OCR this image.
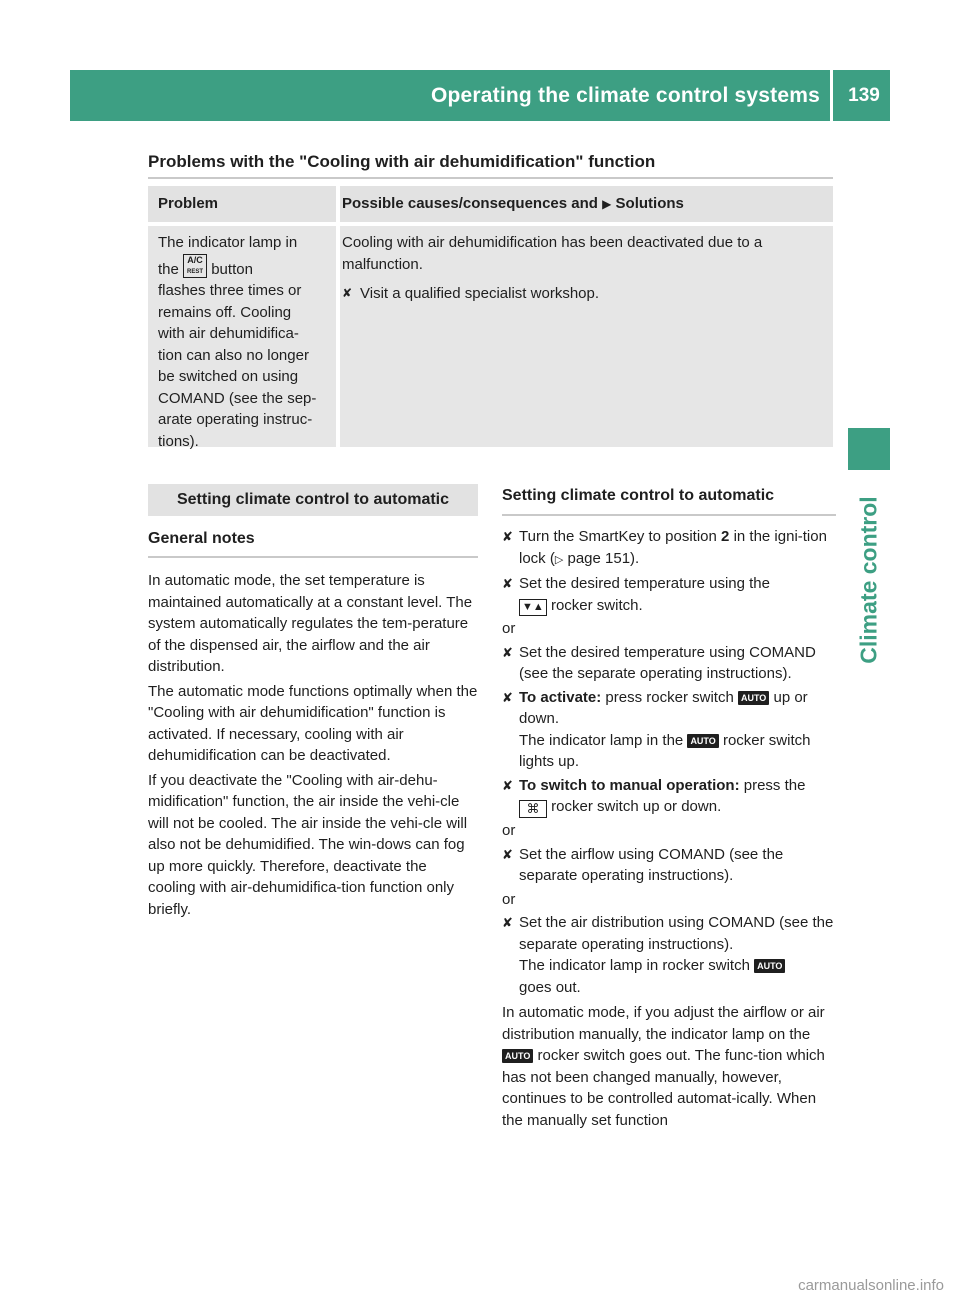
Operating the climate control systems	139
Climate control
Problems with the "Cooling with air dehumidification" function
Problem	Possible causes/consequences and ▶ Solutions
The indicator lamp in
the A/C
REST button
flashes three times or
remains off. Cooling
with air dehumidifica-
tion can also no longer
be switched on using
COMAND (see the sep-
arate operating instruc-
tions).
Cooling with air dehumidification has been deactivated due to a malfunction.
✘ Visit a qualified specialist workshop.
Setting climate control to automatic
General notes
In automatic mode, the set temperature is maintained automatically at a constant level. The system automatically regulates the tem-perature of the dispensed air, the airflow and the air distribution.
The automatic mode functions optimally when the "Cooling with air dehumidification" function is activated. If necessary, cooling with air dehumidification can be deactivated.
If you deactivate the "Cooling with air-dehu-midification" function, the air inside the vehi-cle will not be cooled. The air inside the vehi-cle will also not be dehumidified. The win-dows can fog up more quickly. Therefore, deactivate the cooling with air-dehumidifica-tion function only briefly.
Setting climate control to automatic
✘ Turn the SmartKey to position 2 in the igni-tion lock (▷ page 151).
✘ Set the desired temperature using the
▼▲ rocker switch.
or
✘ Set the desired temperature using COMAND (see the separate operating instructions).
✘ To activate: press rocker switch AUTO up or down.
The indicator lamp in the AUTO rocker switch lights up.
✘ To switch to manual operation: press the
⌘ rocker switch up or down.
or
✘ Set the airflow using COMAND (see the separate operating instructions).
or
✘ Set the air distribution using COMAND (see the separate operating instructions).
The indicator lamp in rocker switch AUTO
goes out.
In automatic mode, if you adjust the airflow or air distribution manually, the indicator lamp on the AUTO rocker switch goes out. The func-tion which has not been changed manually, however, continues to be controlled automat-ically. When the manually set function
carmanualsonline.info
